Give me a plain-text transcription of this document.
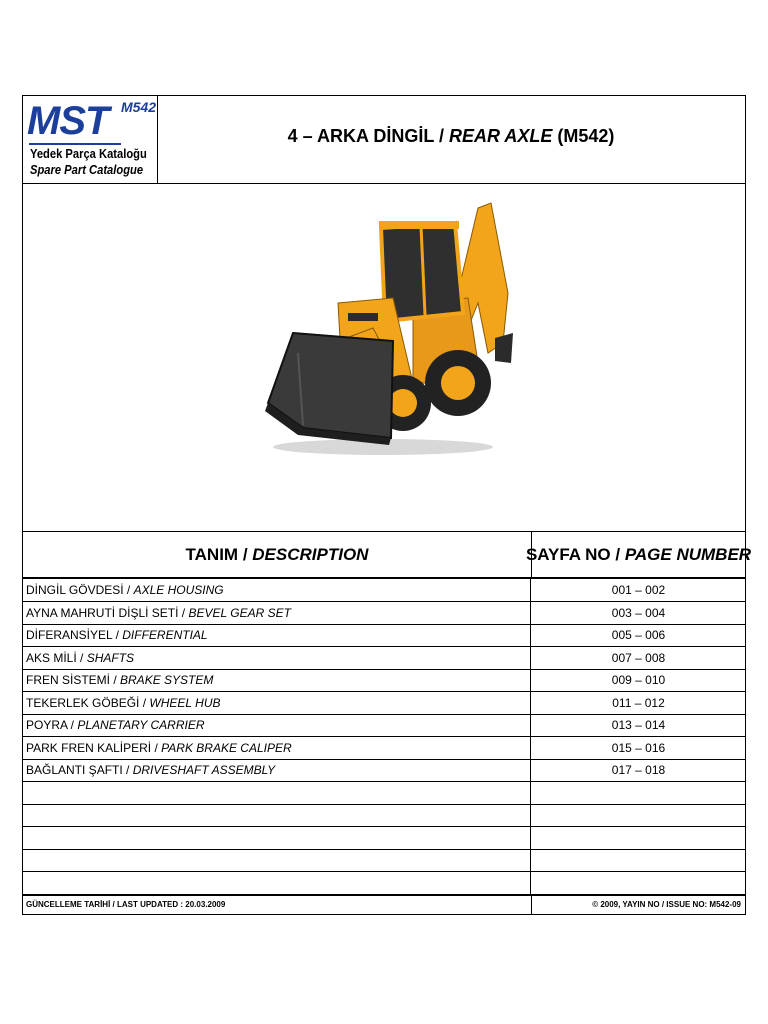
MST M542
Yedek Parça Kataloğu
Spare Part Catalogue
4 – ARKA DİNGİL / REAR AXLE (M542)
TANIM /
DESCRIPTION	SAYFA NO /
PAGE NUMBER
DİNGİL GÖVDESİ / AXLE HOUSING	001 – 002
AYNA MAHRUTİ DİŞLİ SETİ / BEVEL GEAR SET	003 – 004
DİFERANSİYEL / DIFFERENTIAL	005 – 006
AKS MİLİ / SHAFTS	007 – 008
FREN SİSTEMİ / BRAKE SYSTEM	009 – 010
TEKERLEK GÖBEĞİ / WHEEL HUB	011 – 012
POYRA / PLANETARY CARRIER	013 – 014
PARK FREN KALİPERİ / PARK BRAKE CALIPER	015 – 016
BAĞLANTI ŞAFTI / DRIVESHAFT ASSEMBLY	017 – 018
GÜNCELLEME TARİHİ / LAST UPDATED : 20.03.2009	© 2009, YAYIN NO / ISSUE NO: M542-09
